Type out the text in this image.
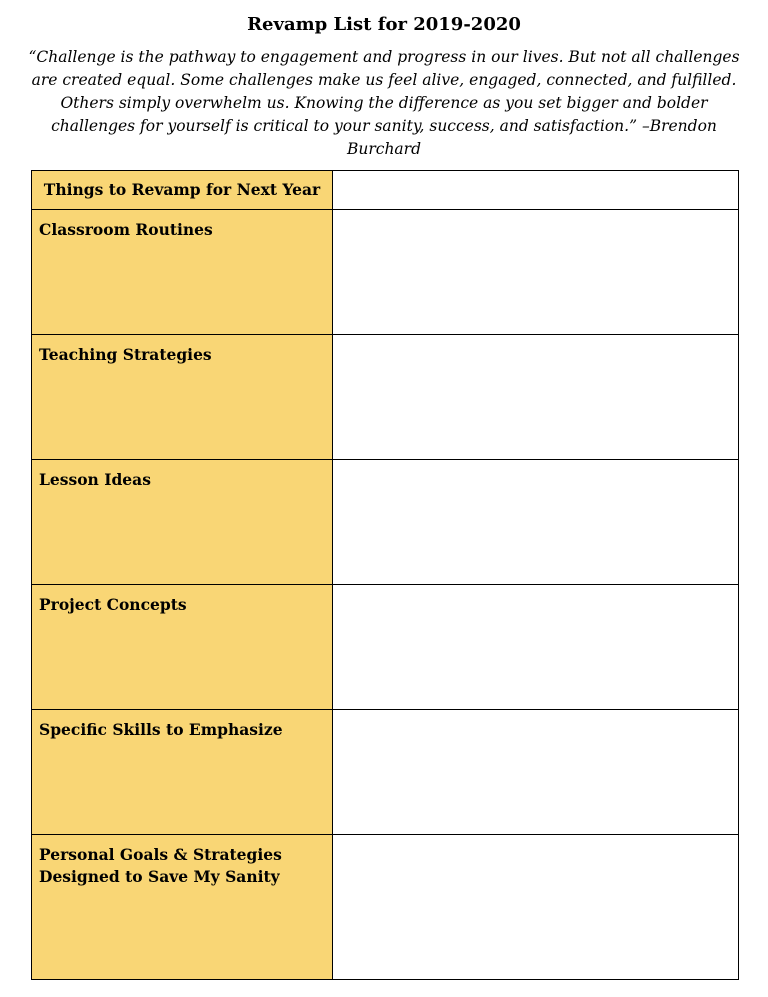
Revamp List for 2019-2020
“Challenge is the pathway to engagement and progress in our lives. But not all challenges are created equal. Some challenges make us feel alive, engaged, connected, and fulfilled. Others simply overwhelm us. Knowing the difference as you set bigger and bolder challenges for yourself is critical to your sanity, success, and satisfaction.” –Brendon Burchard
Things to Revamp for Next Year	
Classroom Routines	
Teaching Strategies	
Lesson Ideas	
Project Concepts	
Specific Skills to Emphasize	
Personal Goals & Strategies Designed to Save My Sanity	
